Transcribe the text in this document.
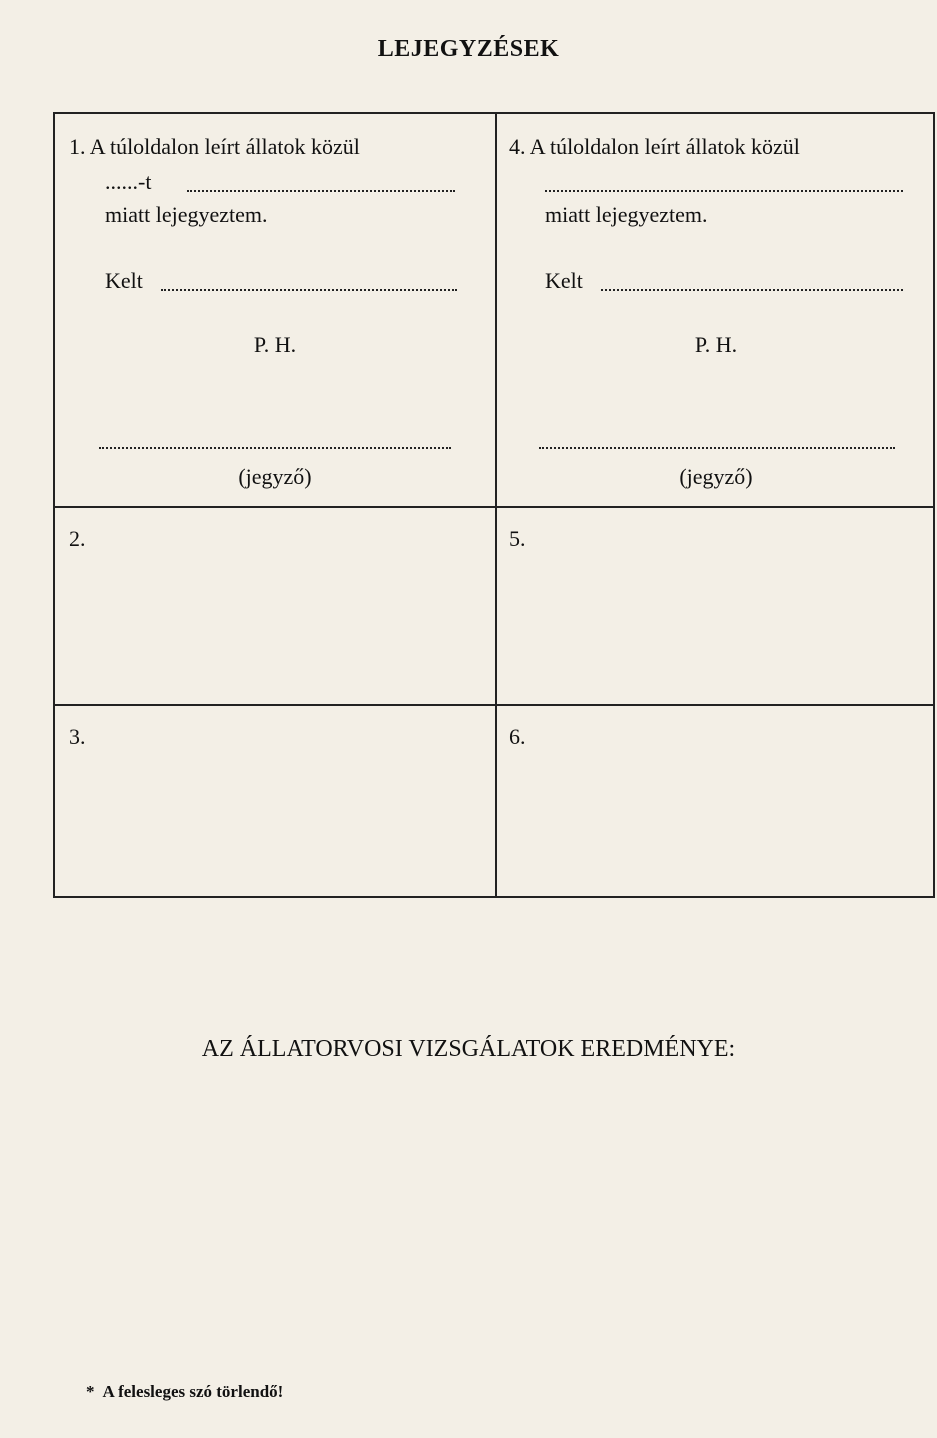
LEJEGYZÉSEK
1. A túloldalon leírt állatok közül
......-t
miatt lejegyeztem.
Kelt
P. H.
(jegyző)
4. A túloldalon leírt állatok közül
miatt lejegyeztem.
Kelt
P. H.
(jegyző)
2.	5.
3.	6.
AZ ÁLLATORVOSI VIZSGÁLATOK EREDMÉNYE:
* A felesleges szó törlendő!
